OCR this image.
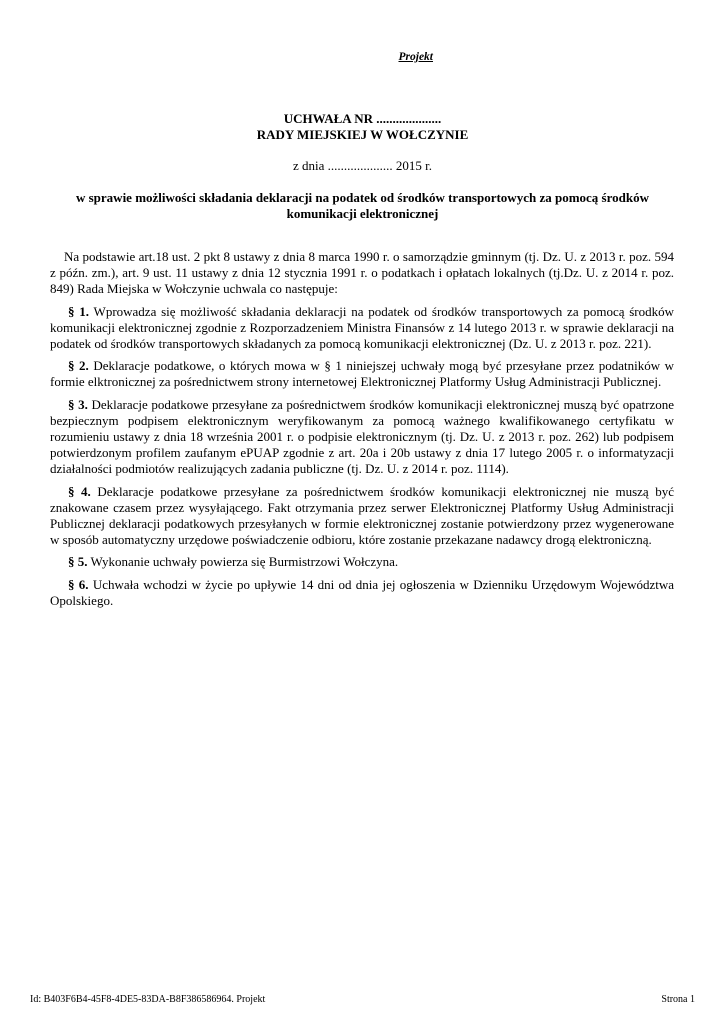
Projekt
UCHWAŁA NR ....................
RADY MIEJSKIEJ W WOŁCZYNIE
z dnia .................... 2015 r.
w sprawie możliwości składania deklaracji na podatek od środków transportowych za pomocą środków komunikacji elektronicznej

Na podstawie art.18 ust. 2 pkt 8 ustawy z dnia 8 marca 1990 r. o samorządzie gminnym (tj. Dz. U. z 2013 r. poz. 594 z późn. zm.), art. 9 ust. 11 ustawy z dnia 12 stycznia 1991 r. o podatkach i opłatach lokalnych (tj.Dz. U. z 2014 r. poz. 849) Rada Miejska w Wołczynie uchwala co następuje:

§ 1. Wprowadza się możliwość składania deklaracji na podatek od środków transportowych za pomocą środków komunikacji elektronicznej zgodnie z Rozporzadzeniem Ministra Finansów z 14 lutego 2013 r. w sprawie deklaracji na podatek od środków transportowych składanych za pomocą komunikacji elektronicznej (Dz. U. z 2013 r. poz. 221).

§ 2. Deklaracje podatkowe, o których mowa w § 1 niniejszej uchwały mogą być przesyłane przez podatników w formie elktronicznej za pośrednictwem strony internetowej Elektronicznej Platformy Usług Administracji Publicznej.

§ 3. Deklaracje podatkowe przesyłane za pośrednictwem środków komunikacji elektronicznej muszą być opatrzone bezpiecznym podpisem elektronicznym weryfikowanym za pomocą ważnego kwalifikowanego certyfikatu w rozumieniu ustawy z dnia 18 września 2001 r. o podpisie elektronicznym (tj. Dz. U. z 2013 r. poz. 262) lub podpisem potwierdzonym profilem zaufanym ePUAP zgodnie z art. 20a i 20b ustawy z dnia 17 lutego 2005 r. o informatyzacji działalności podmiotów realizujących zadania publiczne (tj. Dz. U. z 2014 r. poz. 1114).

§ 4. Deklaracje podatkowe przesyłane za pośrednictwem środków komunikacji elektronicznej nie muszą być znakowane czasem przez wysyłającego. Fakt otrzymania przez serwer Elektronicznej Platformy Usług Administracji Publicznej deklaracji podatkowych przesyłanych w formie elektronicznej zostanie potwierdzony przez wygenerowane w sposób automatyczny urzędowe poświadczenie odbioru, które zostanie przekazane nadawcy drogą elektroniczną.

§ 5. Wykonanie uchwały powierza się Burmistrzowi Wołczyna.

§ 6. Uchwała wchodzi w życie po upływie 14 dni od dnia jej ogłoszenia w Dzienniku Urzędowym Województwa Opolskiego.

Id: B403F6B4-45F8-4DE5-83DA-B8F386586964. Projekt	Strona 1
